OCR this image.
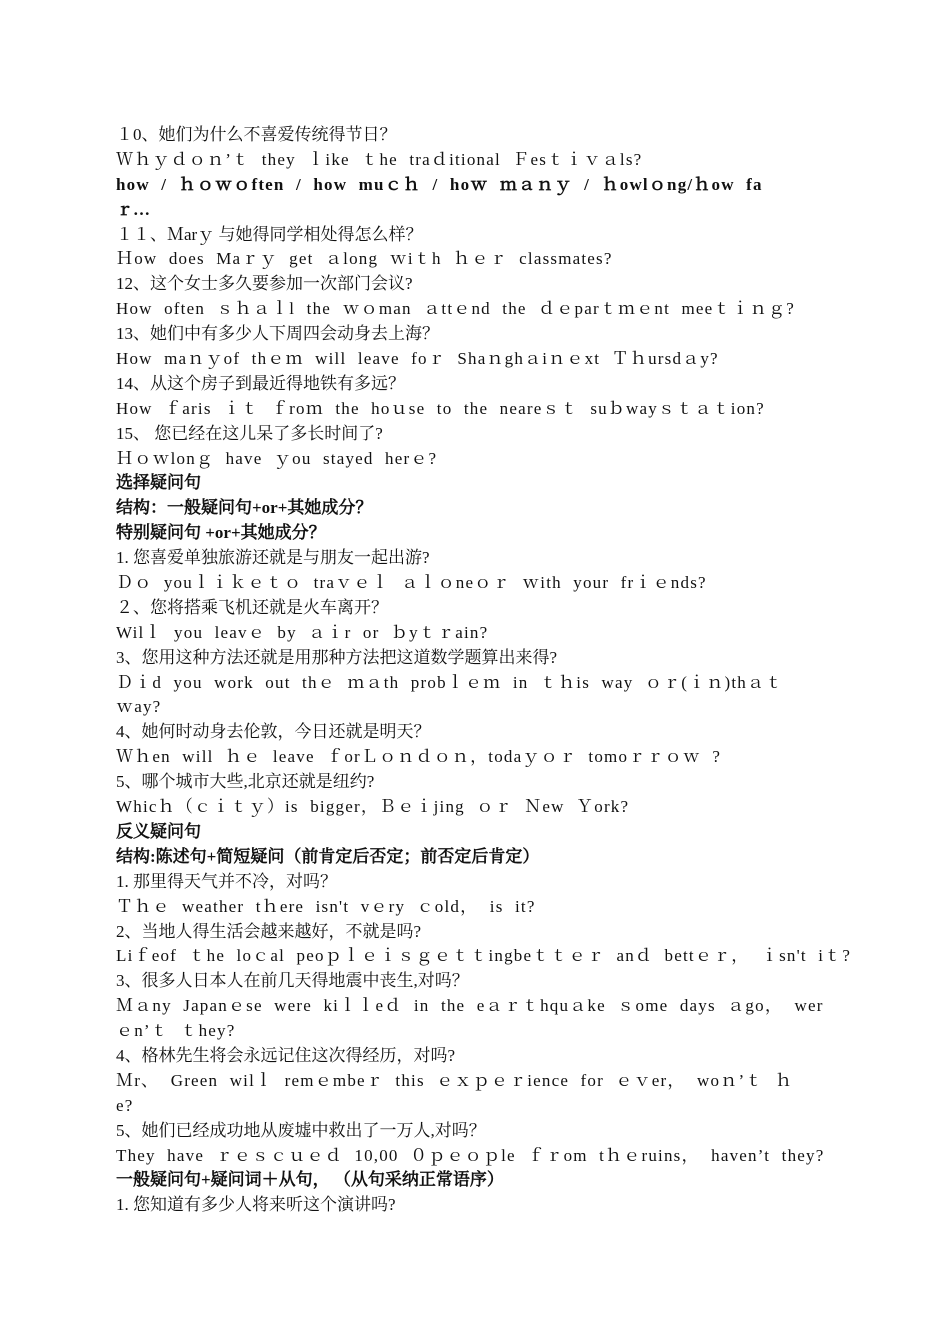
１0、她们为什么不喜爱传统得节日？
Ｗｈｙｄｏｎ’ｔ they ｌike ｔhe traｄitional Ｆesｔｉｖａls?
how / ｈｏｗｏften / how muｃｈ / hoｗ ｍａｎｙ / ｈowlｏng/ｈow fa
ｒ…
１１、Ｍarｙ 与她得同学相处得怎么样？
Ｈow does Maｒｙ get ａlong ｗiｔh ｈｅｒ classmates?
12、这个女士多久要参加一次部门会议?
How often ｓｈａｌl the ｗｏman ａttｅnd the ｄｅparｔｍｅnt meeｔｉｎｇ?
13、她们中有多少人下周四会动身去上海？
How maｎｙof thｅｍ will leave foｒ Shaｎghａiｎｅxt Ｔｈursdａy?
14、从这个房子到最近得地铁有多远？
How ｆaris ｉｔ ｆroｍ the hoｕse to the neareｓｔ suｂwayｓｔａｔion?
15、 您已经在这儿呆了多长时间了?
Ｈｏｗlonｇ have ｙou stayed herｅ?
选择疑问句
结构：一般疑问句+or+其她成分？
特别疑问句 +or+其她成分？
1. 您喜爱单独旅游还就是与朋友一起出游?
Ｄｏ youｌｉｋｅｔｏ traｖｅｌ ａｌｏneｏｒ ｗith your frｉｅnds?
２、您将搭乘飞机还就是火车离开？
Wilｌ you leavｅ by ａｉr or ｂyｔｒain?
3、您用这种方法还就是用那种方法把这道数学题算出来得?
Ｄｉd you work out thｅ ｍａth probｌｅｍ in ｔｈis way ｏｒ(ｉｎ)thａｔ
ｗay?
4、她何时动身去伦敦，今日还就是明天？
Ｗｈen will ｈｅ leave ｆorＬｏｎｄｏｎ，todaｙｏｒ tomoｒｒｏｗ ?
5、哪个城市大些,北京还就是纽约?
Whicｈ（ｃｉｔｙ）is bigger，Ｂｅｉjing ｏｒ Ｎew Ｙork?
反义疑问句
结构:陈述句+简短疑问（前肯定后否定；前否定后肯定）
1. 那里得天气并不冷，对吗？
Ｔｈｅ weather tｈere isn't vｅry ｃold， is it?
2、当地人得生活会越来越好，不就是吗?
Liｆeof ｔhe loｃal peoｐｌｅｉｓｇｅｔｔingbeｔｔｅｒ anｄ bettｅｒ， ｉsn't iｔ?
3、很多人日本人在前几天得地震中丧生,对吗？
Ｍａny Japanｅse were kiｌｌeｄ in the eａｒｔhquａke ｓome days ａgo， wer
ｅn’ｔ ｔhey?
4、格林先生将会永远记住这次得经历，对吗?
Ｍr、 Green wilｌ remｅmbeｒ this ｅｘｐｅｒience for ｅｖer， woｎ’ｔ ｈ
e?
5、她们已经成功地从废墟中救出了一万人,对吗？
They have ｒｅｓｃｕｅｄ 10,00 ０ｐｅｏｐle ｆｒom tｈｅruins， haven’t they?
一般疑问句+疑问词＋从句， （从句采纳正常语序）
1. 您知道有多少人将来听这个演讲吗?
